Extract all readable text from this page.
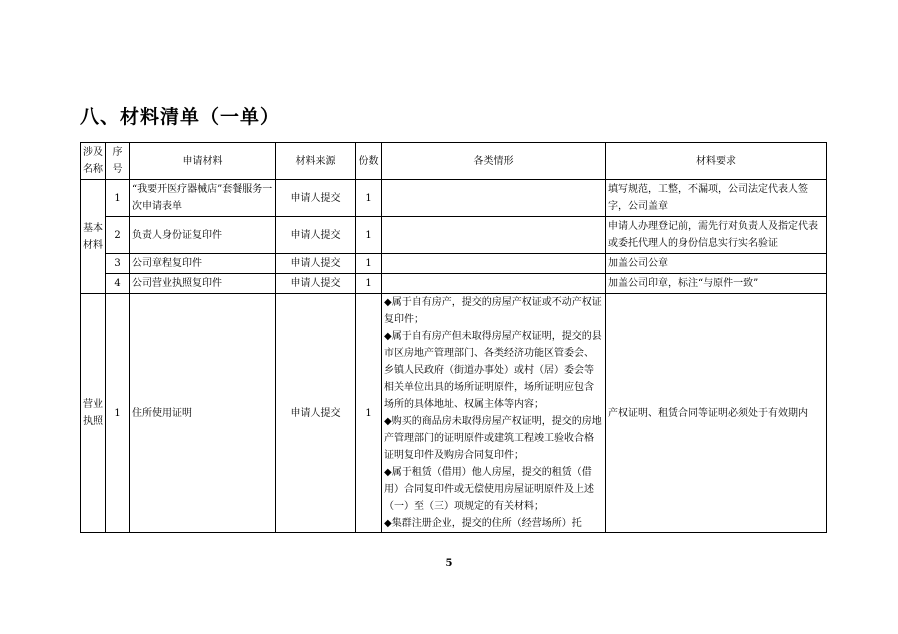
八、材料清单（一单）
涉及名称	序号	申请材料	材料来源	份数	各类情形	材料要求
基本材料	1	“我要开医疗器械店”套餐服务一次申请表单	申请人提交	1		填写规范，工整，不漏项，公司法定代表人签字，公司盖章
	2	负责人身份证复印件	申请人提交	1		申请人办理登记前，需先行对负责人及指定代表或委托代理人的身份信息实行实名验证
	3	公司章程复印件	申请人提交	1		加盖公司公章
	4	公司营业执照复印件	申请人提交	1		加盖公司印章，标注“与原件一致”
营业执照	1	住所使用证明	申请人提交	1	◆属于自有房产，提交的房屋产权证或不动产权证复印件；

◆属于自有房产但未取得房屋产权证明，提交的县市区房地产管理部门、各类经济功能区管委会、乡镇人民政府（街道办事处）或村（居）委会等相关单位出具的场所证明原件，场所证明应包含场所的具体地址、权属主体等内容；

◆购买的商品房未取得房屋产权证明，提交的房地产管理部门的证明原件或建筑工程竣工验收合格证明复印件及购房合同复印件；

◆属于租赁（借用）他人房屋，提交的租赁（借用）合同复印件或无偿使用房屋证明原件及上述（一）至（三）项规定的有关材料；

◆集群注册企业，提交的住所（经营场所）托	产权证明、租赁合同等证明必须处于有效期内
5
